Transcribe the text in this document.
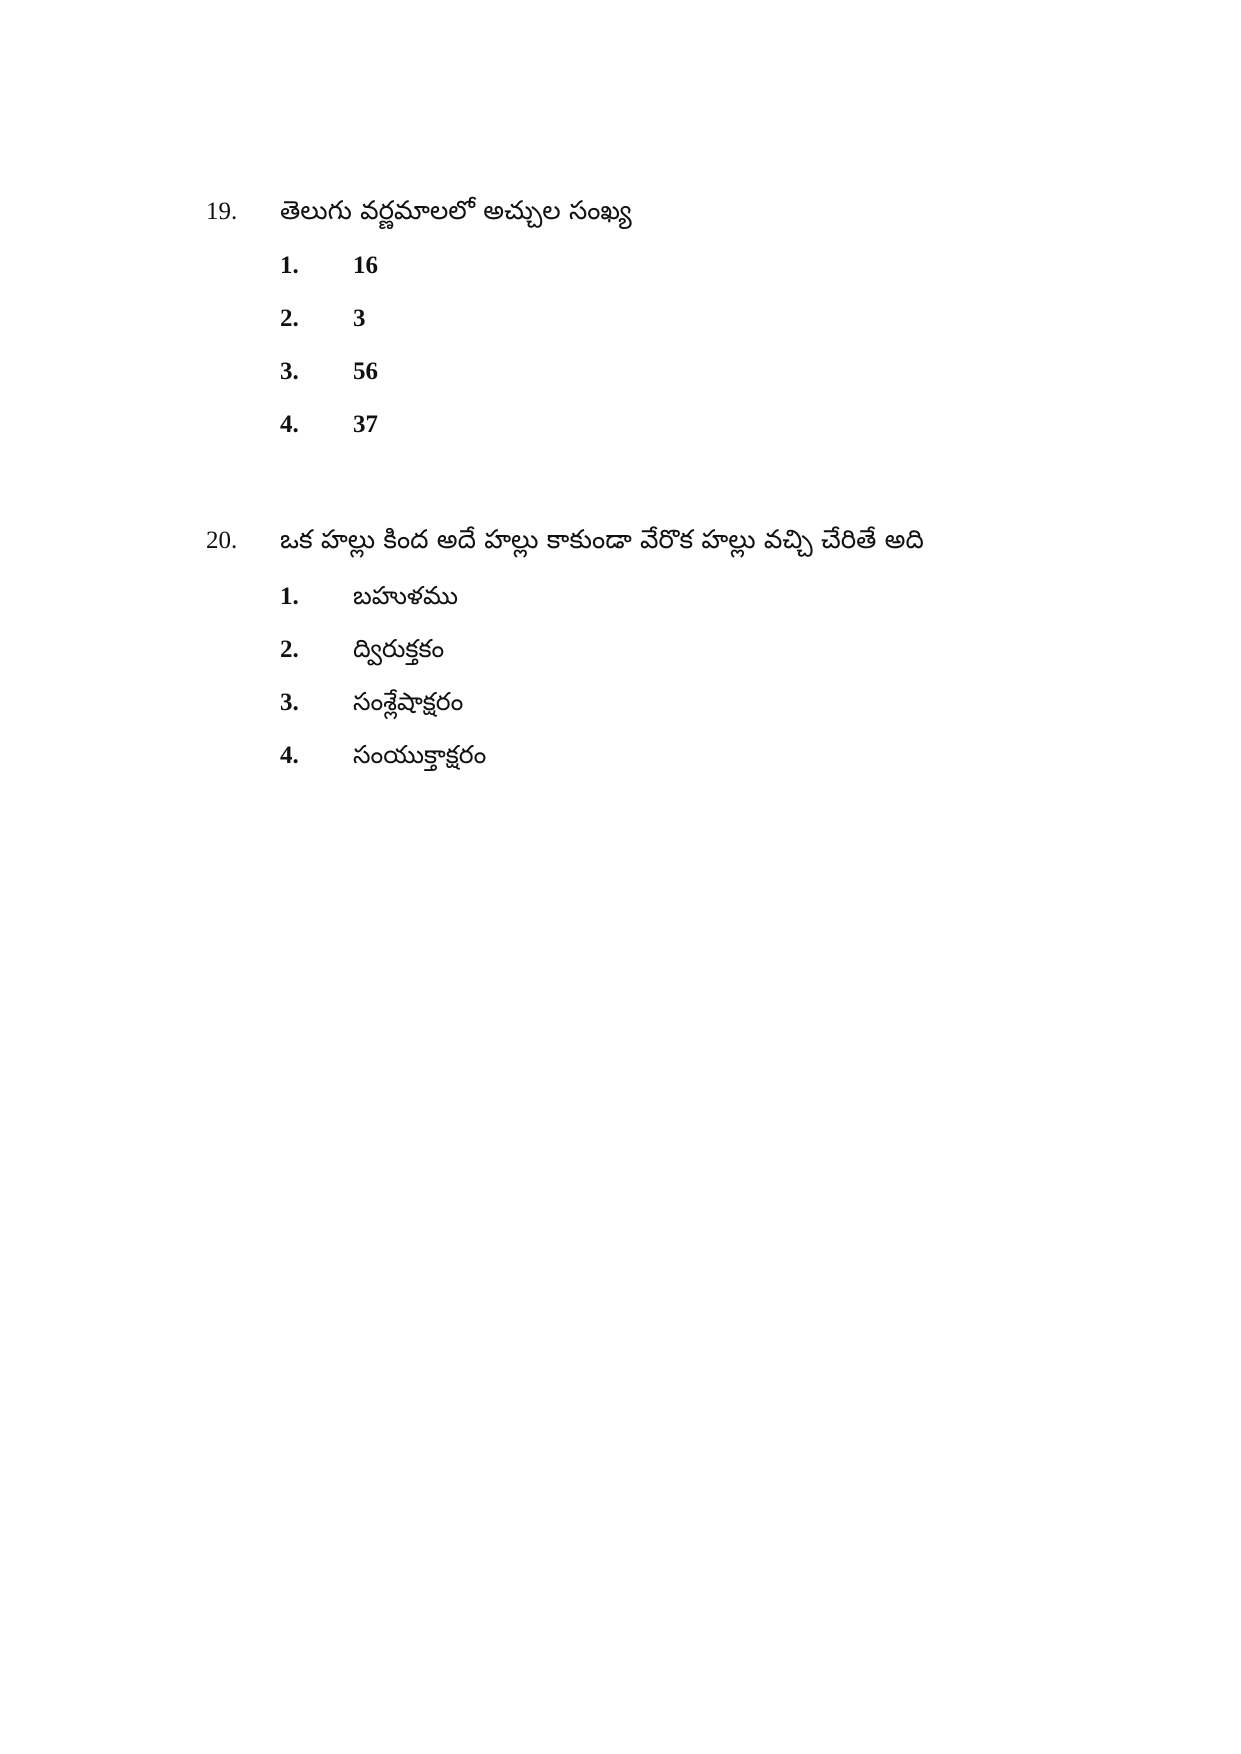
19.	తెలుగు వర్ణమాలలో అచ్చుల సంఖ్య
1.	16
2.	3
3.	56
4.	37
20.	ఒక హల్లు కింద అదే హల్లు కాకుండా వేరొక హల్లు వచ్చి చేరితే అది
1.	బహుళము
2.	ద్విరుక్తకం
3.	సంశ్లేషాక్షరం
4.	సంయుక్తాక్షరం
